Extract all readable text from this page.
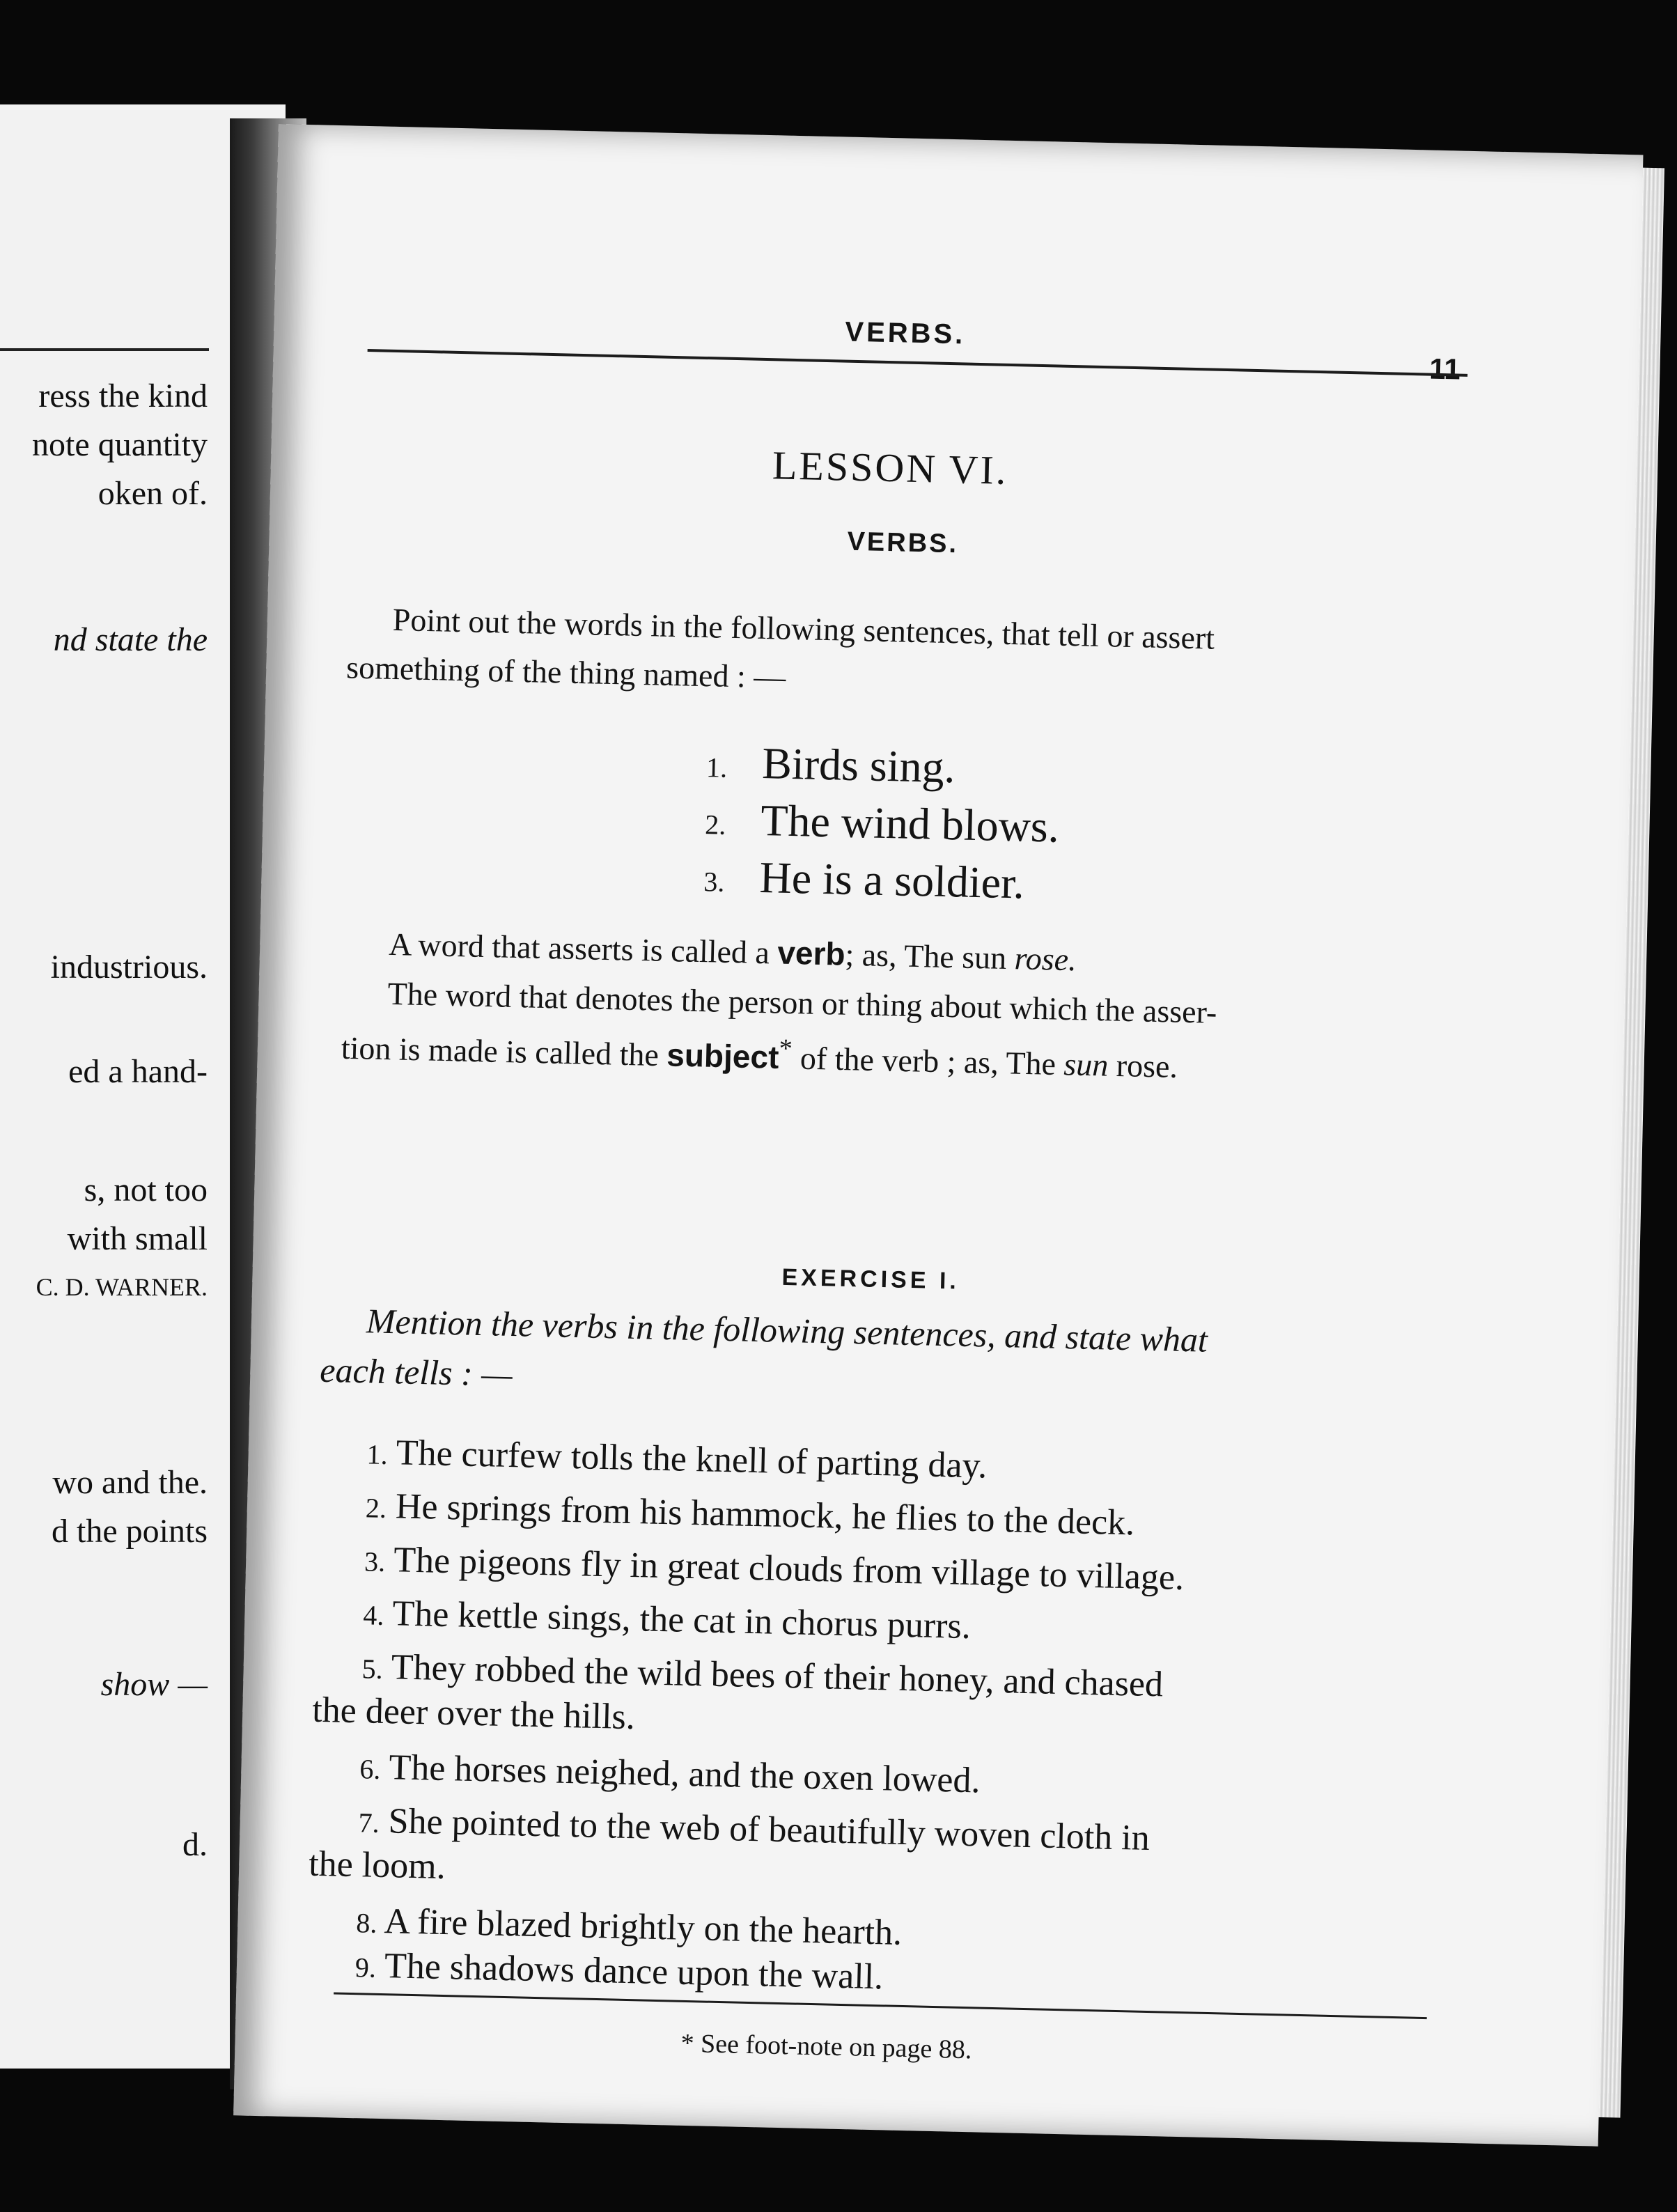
ress the kind
note quantity
oken of.
nd state the
industrious.
ed a hand-
s, not too
with small
C. D. WARNER.
wo and the.
d the points
show —
d.
VERBS.
11
LESSON VI.
VERBS.
Point out the words in the following sentences, that tell or assert
something of the thing named : —
1. Birds sing.
2. The wind blows.
3. He is a soldier.
A word that asserts is called a verb; as, The sun rose.
The word that denotes the person or thing about which the asser-
tion is made is called the subject* of the verb ; as, The sun rose.
EXERCISE I.
Mention the verbs in the following sentences, and state what
each tells : —
1. The curfew tolls the knell of parting day.
2. He springs from his hammock, he flies to the deck.
3. The pigeons fly in great clouds from village to village.
4. The kettle sings, the cat in chorus purrs.
5. They robbed the wild bees of their honey, and chased
the deer over the hills.
6. The horses neighed, and the oxen lowed.
7. She pointed to the web of beautifully woven cloth in
the loom.
8. A fire blazed brightly on the hearth.
9. The shadows dance upon the wall.
* See foot-note on page 88.
